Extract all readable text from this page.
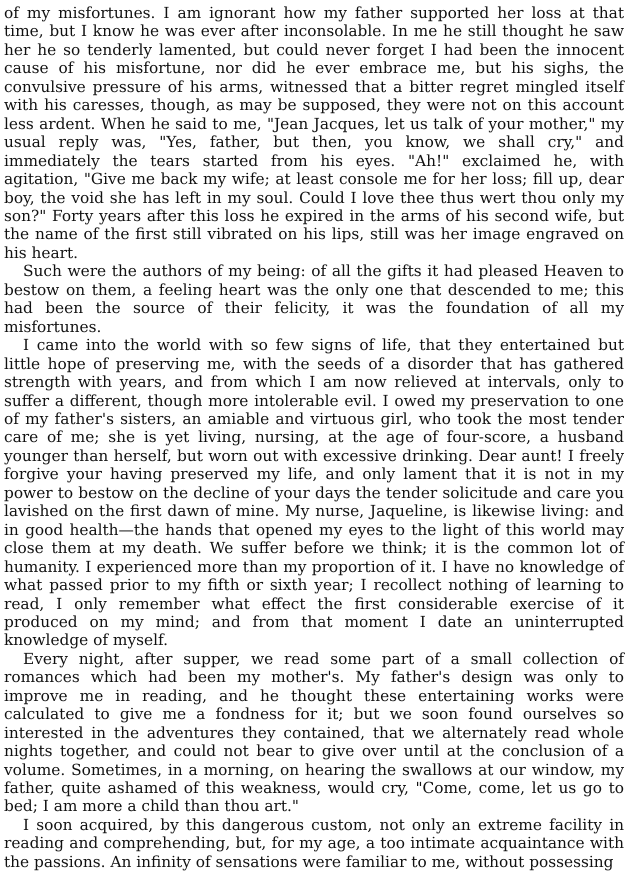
of my misfortunes. I am ignorant how my father supported her loss at that time, but I know he was ever after inconsolable. In me he still thought he saw her he so tenderly lamented, but could never forget I had been the innocent cause of his misfortune, nor did he ever embrace me, but his sighs, the convulsive pressure of his arms, witnessed that a bitter regret mingled itself with his caresses, though, as may be supposed, they were not on this account less ardent. When he said to me, "Jean Jacques, let us talk of your mother," my usual reply was, "Yes, father, but then, you know, we shall cry," and immediately the tears started from his eyes. "Ah!" exclaimed he, with agitation, "Give me back my wife; at least console me for her loss; fill up, dear boy, the void she has left in my soul. Could I love thee thus wert thou only my son?" Forty years after this loss he expired in the arms of his second wife, but the name of the first still vibrated on his lips, still was her image engraved on his heart.

Such were the authors of my being: of all the gifts it had pleased Heaven to bestow on them, a feeling heart was the only one that descended to me; this had been the source of their felicity, it was the foundation of all my misfortunes.

I came into the world with so few signs of life, that they entertained but little hope of preserving me, with the seeds of a disorder that has gathered strength with years, and from which I am now relieved at intervals, only to suffer a different, though more intolerable evil. I owed my preservation to one of my father's sisters, an amiable and virtuous girl, who took the most tender care of me; she is yet living, nursing, at the age of four-score, a husband younger than herself, but worn out with excessive drinking. Dear aunt! I freely forgive your having preserved my life, and only lament that it is not in my power to bestow on the decline of your days the tender solicitude and care you lavished on the first dawn of mine. My nurse, Jaqueline, is likewise living: and in good health—the hands that opened my eyes to the light of this world may close them at my death. We suffer before we think; it is the common lot of humanity. I experienced more than my proportion of it. I have no knowledge of what passed prior to my fifth or sixth year; I recollect nothing of learning to read, I only remember what effect the first considerable exercise of it produced on my mind; and from that moment I date an uninterrupted knowledge of myself.

Every night, after supper, we read some part of a small collection of romances which had been my mother's. My father's design was only to improve me in reading, and he thought these entertaining works were calculated to give me a fondness for it; but we soon found ourselves so interested in the adventures they contained, that we alternately read whole nights together, and could not bear to give over until at the conclusion of a volume. Sometimes, in a morning, on hearing the swallows at our window, my father, quite ashamed of this weakness, would cry, "Come, come, let us go to bed; I am more a child than thou art."

I soon acquired, by this dangerous custom, not only an extreme facility in reading and comprehending, but, for my age, a too intimate acquaintance with the passions. An infinity of sensations were familiar to me, without possessing
